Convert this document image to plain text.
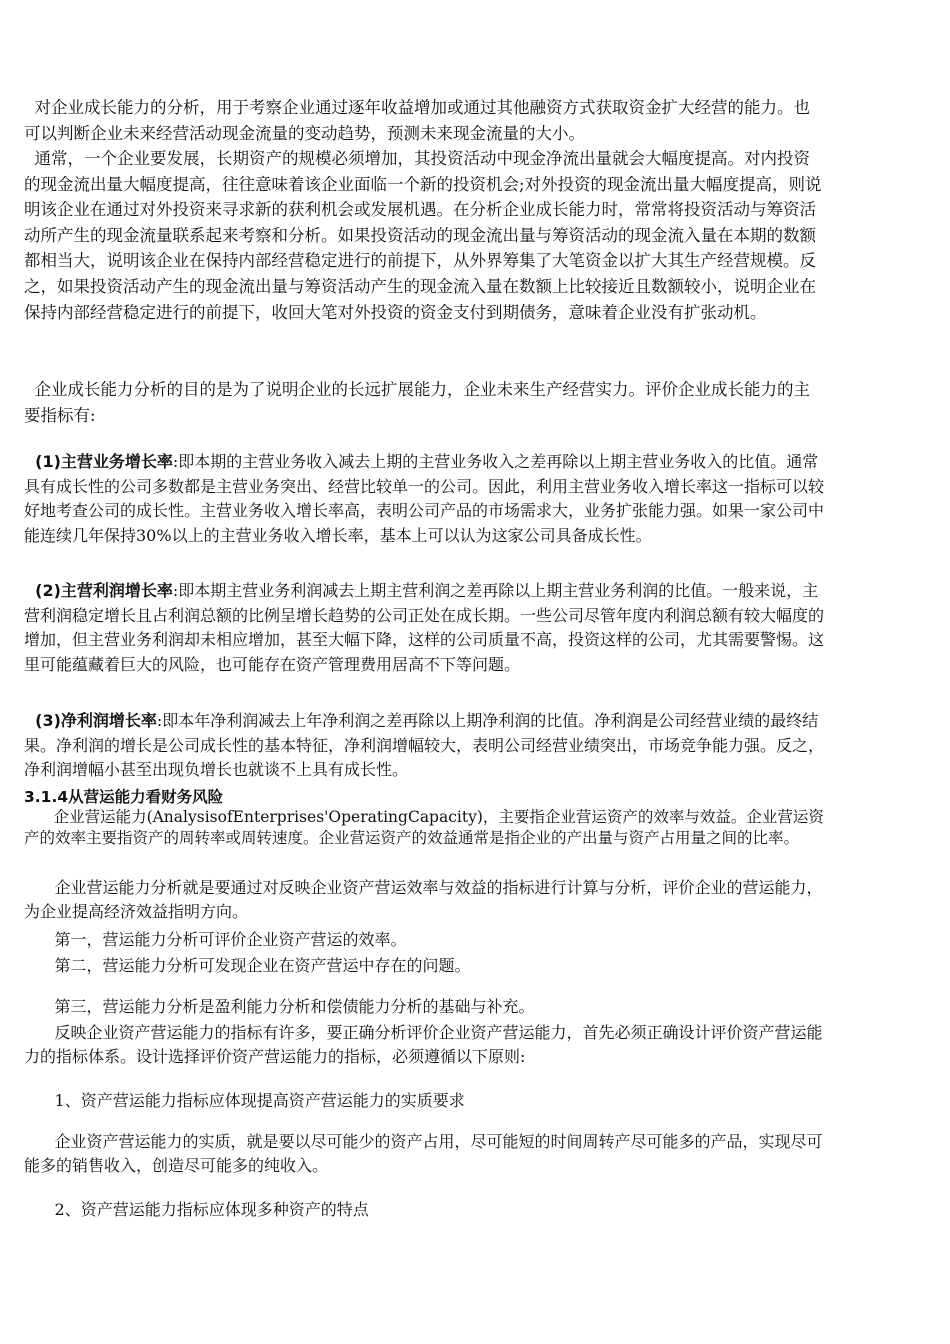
对企业成长能力的分析，用于考察企业通过逐年收益增加或通过其他融资方式获取资金扩大经营的能力。也可以判断企业未来经营活动现金流量的变动趋势，预测未来现金流量的大小。

通常，一个企业要发展，长期资产的规模必须增加，其投资活动中现金净流出量就会大幅度提高。对内投资的现金流出量大幅度提高，往往意味着该企业面临一个新的投资机会;对外投资的现金流出量大幅度提高，则说明该企业在通过对外投资来寻求新的获利机会或发展机遇。在分析企业成长能力时，常常将投资活动与筹资活动所产生的现金流量联系起来考察和分析。如果投资活动的现金流出量与筹资活动的现金流入量在本期的数额都相当大，说明该企业在保持内部经营稳定进行的前提下，从外界筹集了大笔资金以扩大其生产经营规模。反之，如果投资活动产生的现金流出量与筹资活动产生的现金流入量在数额上比较接近且数额较小，说明企业在保持内部经营稳定进行的前提下，收回大笔对外投资的资金支付到期债务，意味着企业没有扩张动机。

企业成长能力分析的目的是为了说明企业的长远扩展能力，企业未来生产经营实力。评价企业成长能力的主要指标有:

(1)主营业务增长率:即本期的主营业务收入减去上期的主营业务收入之差再除以上期主营业务收入的比值。通常具有成长性的公司多数都是主营业务突出、经营比较单一的公司。因此，利用主营业务收入增长率这一指标可以较好地考查公司的成长性。主营业务收入增长率高，表明公司产品的市场需求大，业务扩张能力强。如果一家公司中能连续几年保持30%以上的主营业务收入增长率，基本上可以认为这家公司具备成长性。

(2)主营利润增长率:即本期主营业务利润减去上期主营利润之差再除以上期主营业务利润的比值。一般来说，主营利润稳定增长且占利润总额的比例呈增长趋势的公司正处在成长期。一些公司尽管年度内利润总额有较大幅度的增加，但主营业务利润却未相应增加，甚至大幅下降，这样的公司质量不高，投资这样的公司，尤其需要警惕。这里可能蕴藏着巨大的风险，也可能存在资产管理费用居高不下等问题。

(3)净利润增长率:即本年净利润减去上年净利润之差再除以上期净利润的比值。净利润是公司经营业绩的最终结果。净利润的增长是公司成长性的基本特征，净利润增幅较大，表明公司经营业绩突出，市场竞争能力强。反之，净利润增幅小甚至出现负增长也就谈不上具有成长性。

3.1.4从营运能力看财务风险

企业营运能力(AnalysisofEnterprises'OperatingCapacity)，主要指企业营运资产的效率与效益。企业营运资产的效率主要指资产的周转率或周转速度。企业营运资产的效益通常是指企业的产出量与资产占用量之间的比率。

企业营运能力分析就是要通过对反映企业资产营运效率与效益的指标进行计算与分析，评价企业的营运能力，为企业提高经济效益指明方向。

第一，营运能力分析可评价企业资产营运的效率。

第二，营运能力分析可发现企业在资产营运中存在的问题。

第三，营运能力分析是盈利能力分析和偿债能力分析的基础与补充。

反映企业资产营运能力的指标有许多，要正确分析评价企业资产营运能力，首先必须正确设计评价资产营运能力的指标体系。设计选择评价资产营运能力的指标，必须遵循以下原则:

1、资产营运能力指标应体现提高资产营运能力的实质要求

企业资产营运能力的实质，就是要以尽可能少的资产占用，尽可能短的时间周转产尽可能多的产品，实现尽可能多的销售收入，创造尽可能多的纯收入。

2、资产营运能力指标应体现多种资产的特点
